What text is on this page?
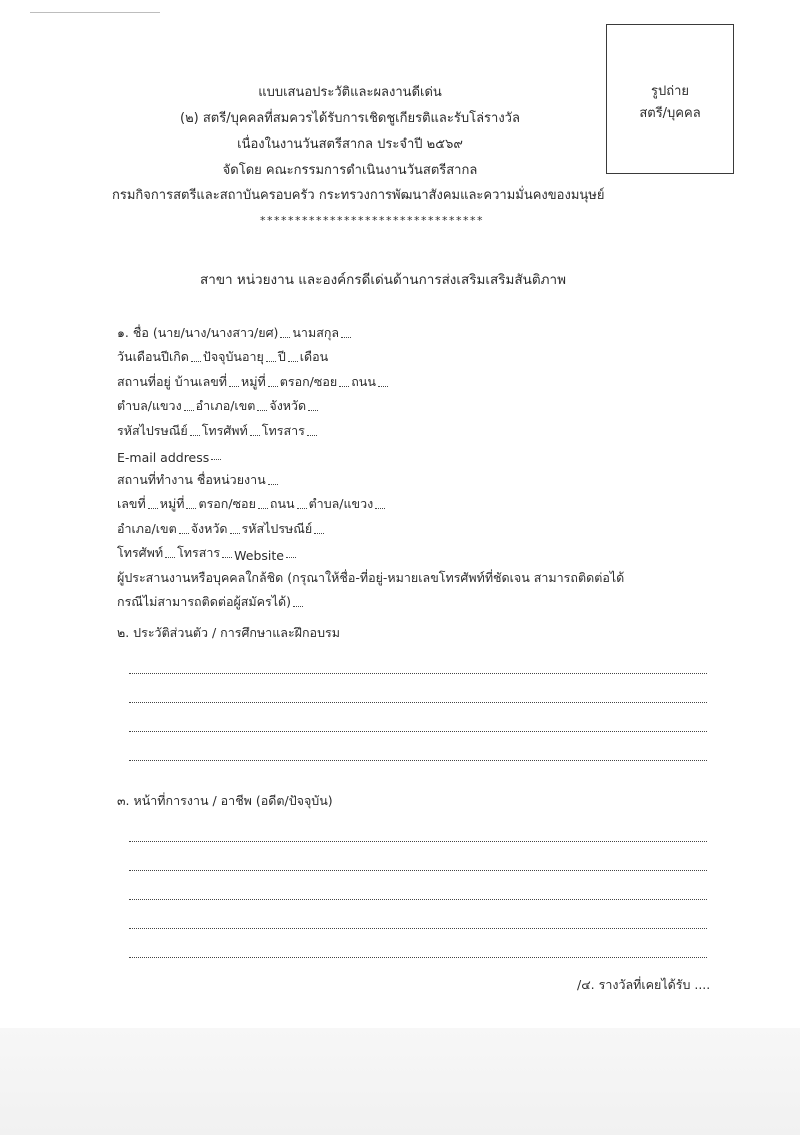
รูปถ่าย
สตรี/บุคคล
แบบเสนอประวัติและผลงานดีเด่น
(๒) สตรี/บุคคลที่สมควรได้รับการเชิดชูเกียรติและรับโล่รางวัล
เนื่องในงานวันสตรีสากล ประจำปี ๒๕๖๙
จัดโดย คณะกรรมการดำเนินงานวันสตรีสากล
กรมกิจการสตรีและสถาบันครอบครัว กระทรวงการพัฒนาสังคมและความมั่นคงของมนุษย์
********************************
สาขา หน่วยงาน และองค์กรดีเด่นด้านการส่งเสริมเสริมสันติภาพ
๑. ชื่อ (นาย/นาง/นางสาว/ยศ) นามสกุล
วันเดือนปีเกิด ปัจจุบันอายุ ปี เดือน
สถานที่อยู่ บ้านเลขที่ หมู่ที่ ตรอก/ซอย ถนน
ตำบล/แขวง อำเภอ/เขต จังหวัด
รหัสไปรษณีย์ โทรศัพท์ โทรสาร
E-mail address
สถานที่ทำงาน ชื่อหน่วยงาน
เลขที่ หมู่ที่ ตรอก/ซอย ถนน ตำบล/แขวง
อำเภอ/เขต จังหวัด รหัสไปรษณีย์
โทรศัพท์ โทรสาร Website
ผู้ประสานงานหรือบุคคลใกล้ชิด (กรุณาให้ชื่อ-ที่อยู่-หมายเลขโทรศัพท์ที่ชัดเจน สามารถติดต่อได้
กรณีไม่สามารถติดต่อผู้สมัครได้)
๒. ประวัติส่วนตัว / การศึกษาและฝึกอบรม
๓. หน้าที่การงาน / อาชีพ (อดีต/ปัจจุบัน)
/๔. รางวัลที่เคยได้รับ ....
